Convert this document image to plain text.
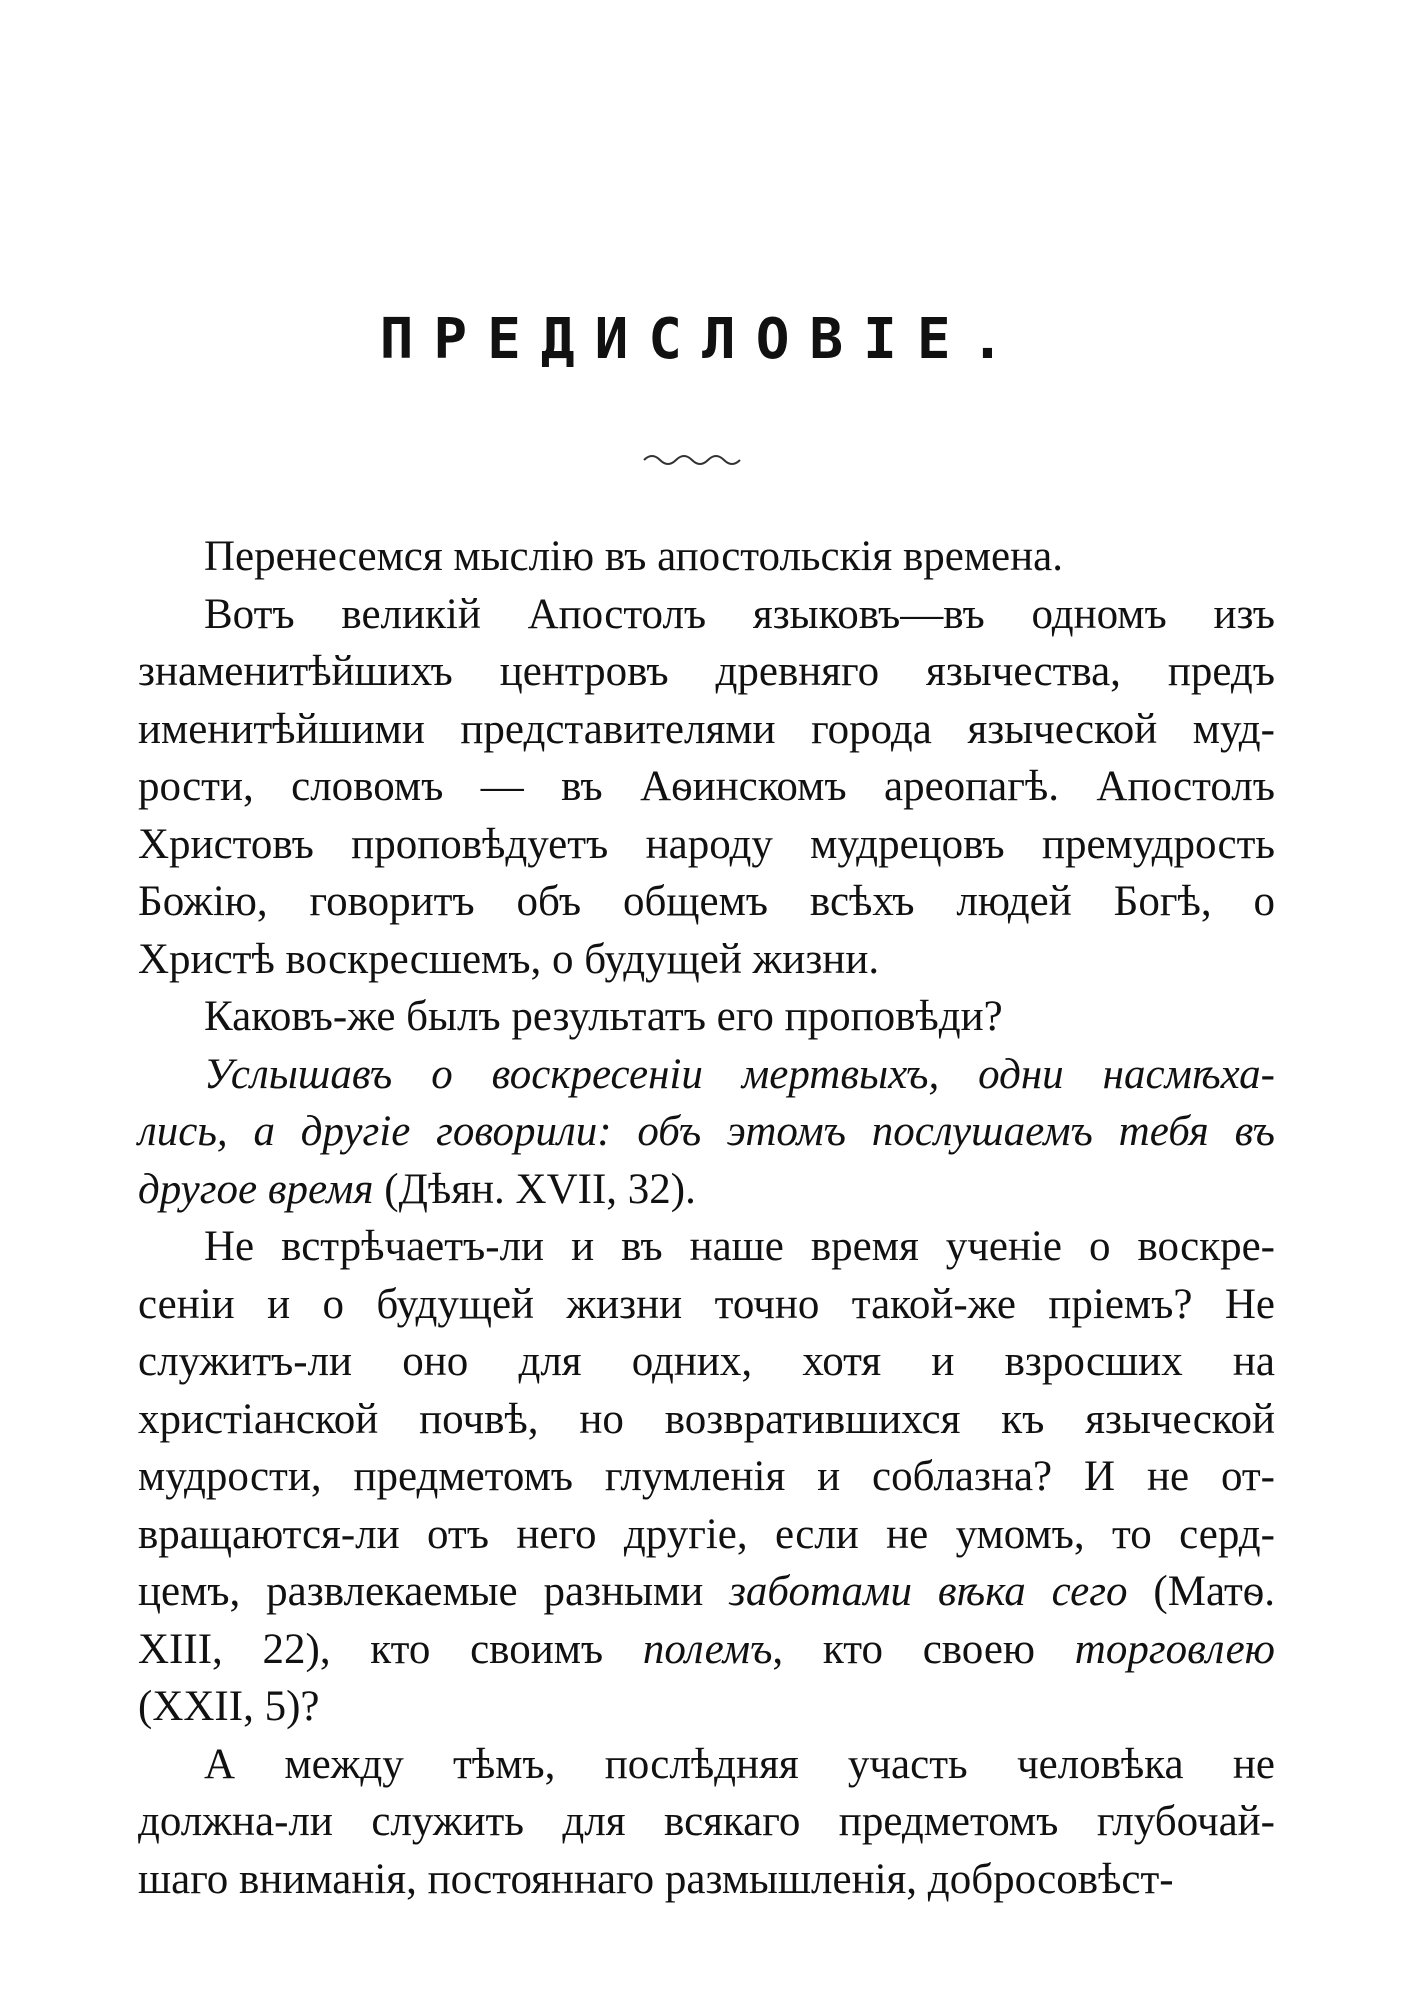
ПРЕДИСЛОВІЕ.
Перенесемся мыслію въ апостольскія времена.
Вотъ великій Апостолъ языковъ—въ одномъ изъ
знаменитѣйшихъ центровъ древняго язычества, предъ
именитѣйшими представителями города языческой муд-
рости, словомъ — въ Аѳинскомъ ареопагѣ. Апостолъ
Христовъ проповѣдуетъ народу мудрецовъ премудрость
Божію, говоритъ объ общемъ всѣхъ людей Богѣ, о
Христѣ воскресшемъ, о будущей жизни.
Каковъ-же былъ результатъ его проповѣди?
Услышавъ о воскресеніи мертвыхъ, одни насмѣха-
лись, а другіе говорили: объ этомъ послушаемъ тебя въ
другое время (Дѣян. XVII, 32).
Не встрѣчаетъ-ли и въ наше время ученіе о воскре-
сеніи и о будущей жизни точно такой-же пріемъ? Не
служитъ-ли оно для одних, хотя и взросших на
христіанской почвѣ, но возвратившихся къ языческой
мудрости, предметомъ глумленія и соблазна? И не от-
вращаются-ли отъ него другіе, если не умомъ, то серд-
цемъ, развлекаемые разными заботами вѣка сего (Матѳ.
XIII, 22), кто своимъ полемъ, кто своею торговлею
(XXII, 5)?
А между тѣмъ, послѣдняя участь человѣка не
должна-ли служить для всякаго предметомъ глубочай-
шаго вниманія, постояннаго размышленія, добросовѣст-
